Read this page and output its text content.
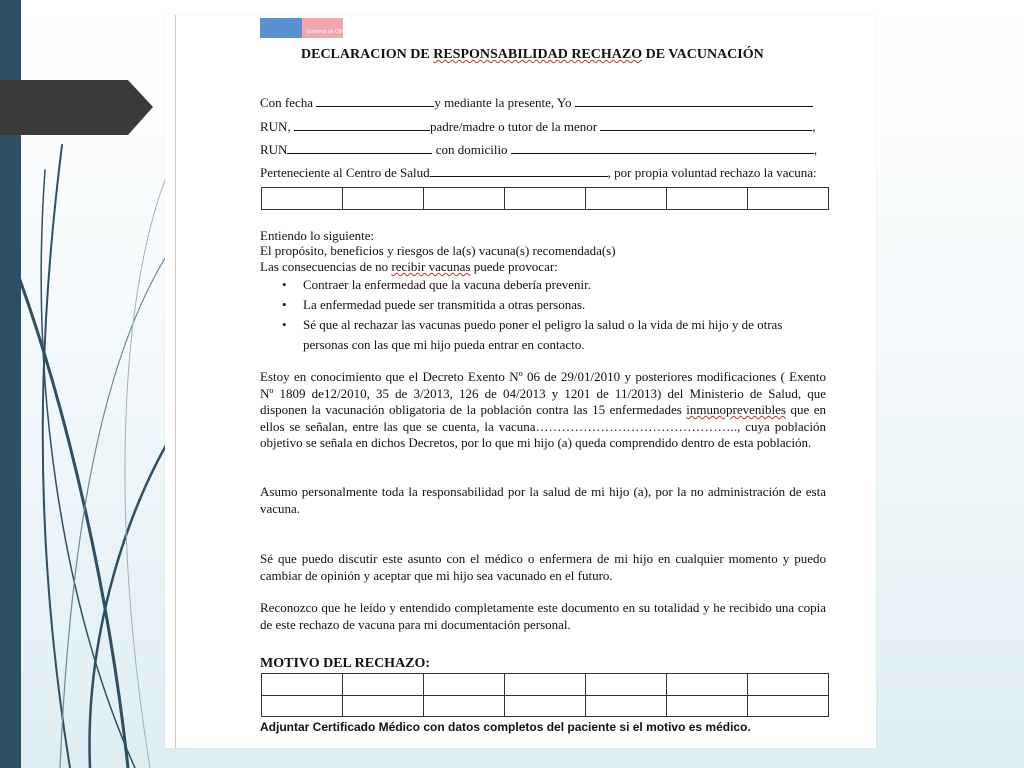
Gobierno de Chile
DECLARACION DE RESPONSABILIDAD RECHAZO DE VACUNACIÓN
Con fecha	y mediante la presente, Yo
RUN,	padre/madre o tutor de la menor	,
RUN	con domicilio	,
Perteneciente al Centro de Salud	, por propia voluntad rechazo la vacuna:
Entiendo lo siguiente:
El propósito, beneficios y riesgos de la(s) vacuna(s) recomendada(s)
Las consecuencias de no recibir vacunas puede provocar:
• Contraer la enfermedad que la vacuna debería prevenir.
• La enfermedad puede ser transmitida a otras personas.
• Sé que al rechazar las vacunas puedo poner el peligro la salud o la vida de mi hijo y de otras personas con las que mi hijo pueda entrar en contacto.
Estoy en conocimiento que el Decreto Exento Nº 06 de 29/01/2010 y posteriores modificaciones ( Exento Nº 1809 de12/2010, 35 de 3/2013, 126 de 04/2013 y 1201 de 11/2013) del Ministerio de Salud, que disponen la vacunación obligatoria de la población contra las 15 enfermedades inmunoprevenibles que en ellos se señalan, entre las que se cuenta, la vacuna……………………………………….., cuya población objetivo se señala en dichos Decretos, por lo que mi hijo (a) queda comprendido dentro de esta población.
Asumo personalmente toda la responsabilidad por la salud de mi hijo (a), por la no administración de esta vacuna.
Sé que puedo discutir este asunto con el médico o enfermera de mi hijo en cualquier momento y puedo cambiar de opinión y aceptar que mi hijo sea vacunado en el futuro.
Reconozco que he leído y entendido completamente este documento en su totalidad y he recibido una copia de este rechazo de vacuna para mi documentación personal.
MOTIVO DEL RECHAZO:
Adjuntar Certificado Médico con datos completos del paciente si el motivo es médico.
